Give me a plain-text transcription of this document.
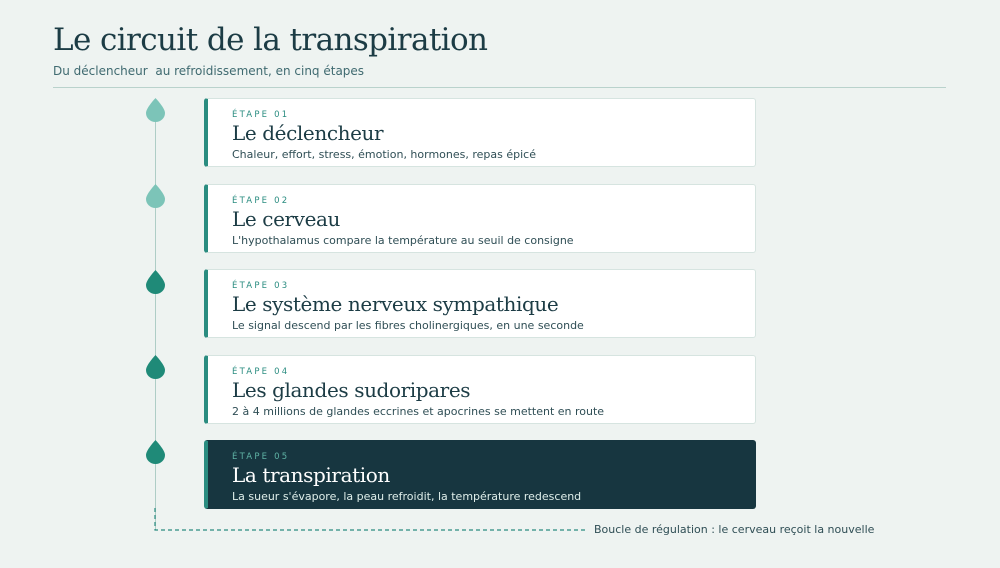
Le circuit de la transpiration
Du déclencheur  au refroidissement, en cinq étapes
ÉTAPE 01
Le déclencheur
Chaleur, effort, stress, émotion, hormones, repas épicé
ÉTAPE 02
Le cerveau
L'hypothalamus compare la température au seuil de consigne
ÉTAPE 03
Le système nerveux sympathique
Le signal descend par les fibres cholinergiques, en une seconde
ÉTAPE 04
Les glandes sudoripares
2 à 4 millions de glandes eccrines et apocrines se mettent en route
ÉTAPE 05
La transpiration
La sueur s'évapore, la peau refroidit, la température redescend
Boucle de régulation : le cerveau reçoit la nouvelle
